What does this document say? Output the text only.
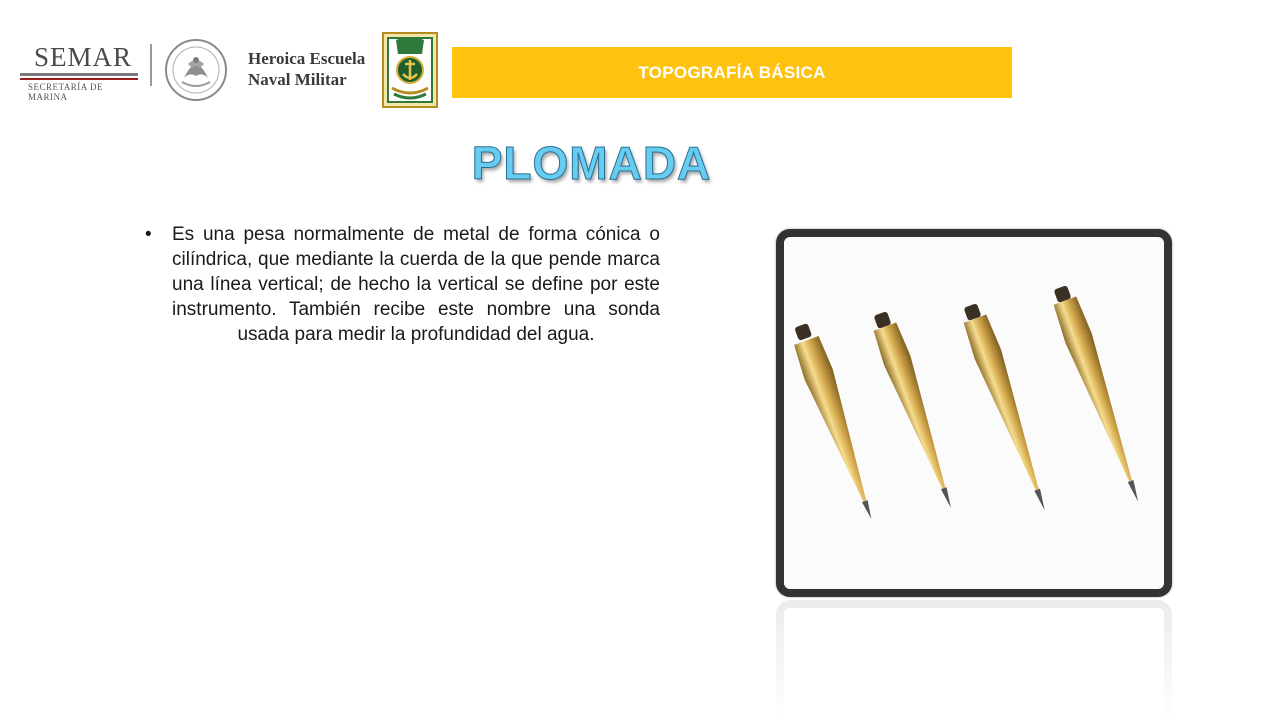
SEMAR
SECRETARÍA DE MARINA
Heroica Escuela
Naval Militar	TOPOGRAFÍA BÁSICA
PLOMADA
• Es una pesa normalmente de metal de forma cónica o cilíndrica, que mediante la cuerda de la que pende marca una línea vertical; de hecho la vertical se define por este instrumento. También recibe este nombre una sonda usada para medir la profundidad del agua.
